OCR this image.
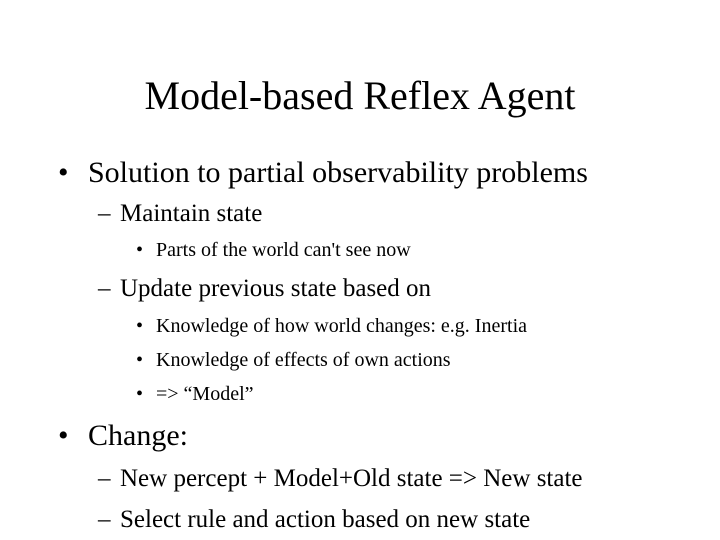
Model-based Reflex Agent
• Solution to partial observability problems
– Maintain state
• Parts of the world can't see now
– Update previous state based on
• Knowledge of how world changes: e.g. Inertia
• Knowledge of effects of own actions
• => “Model”
• Change:
– New percept + Model+Old state => New state
– Select rule and action based on new state
